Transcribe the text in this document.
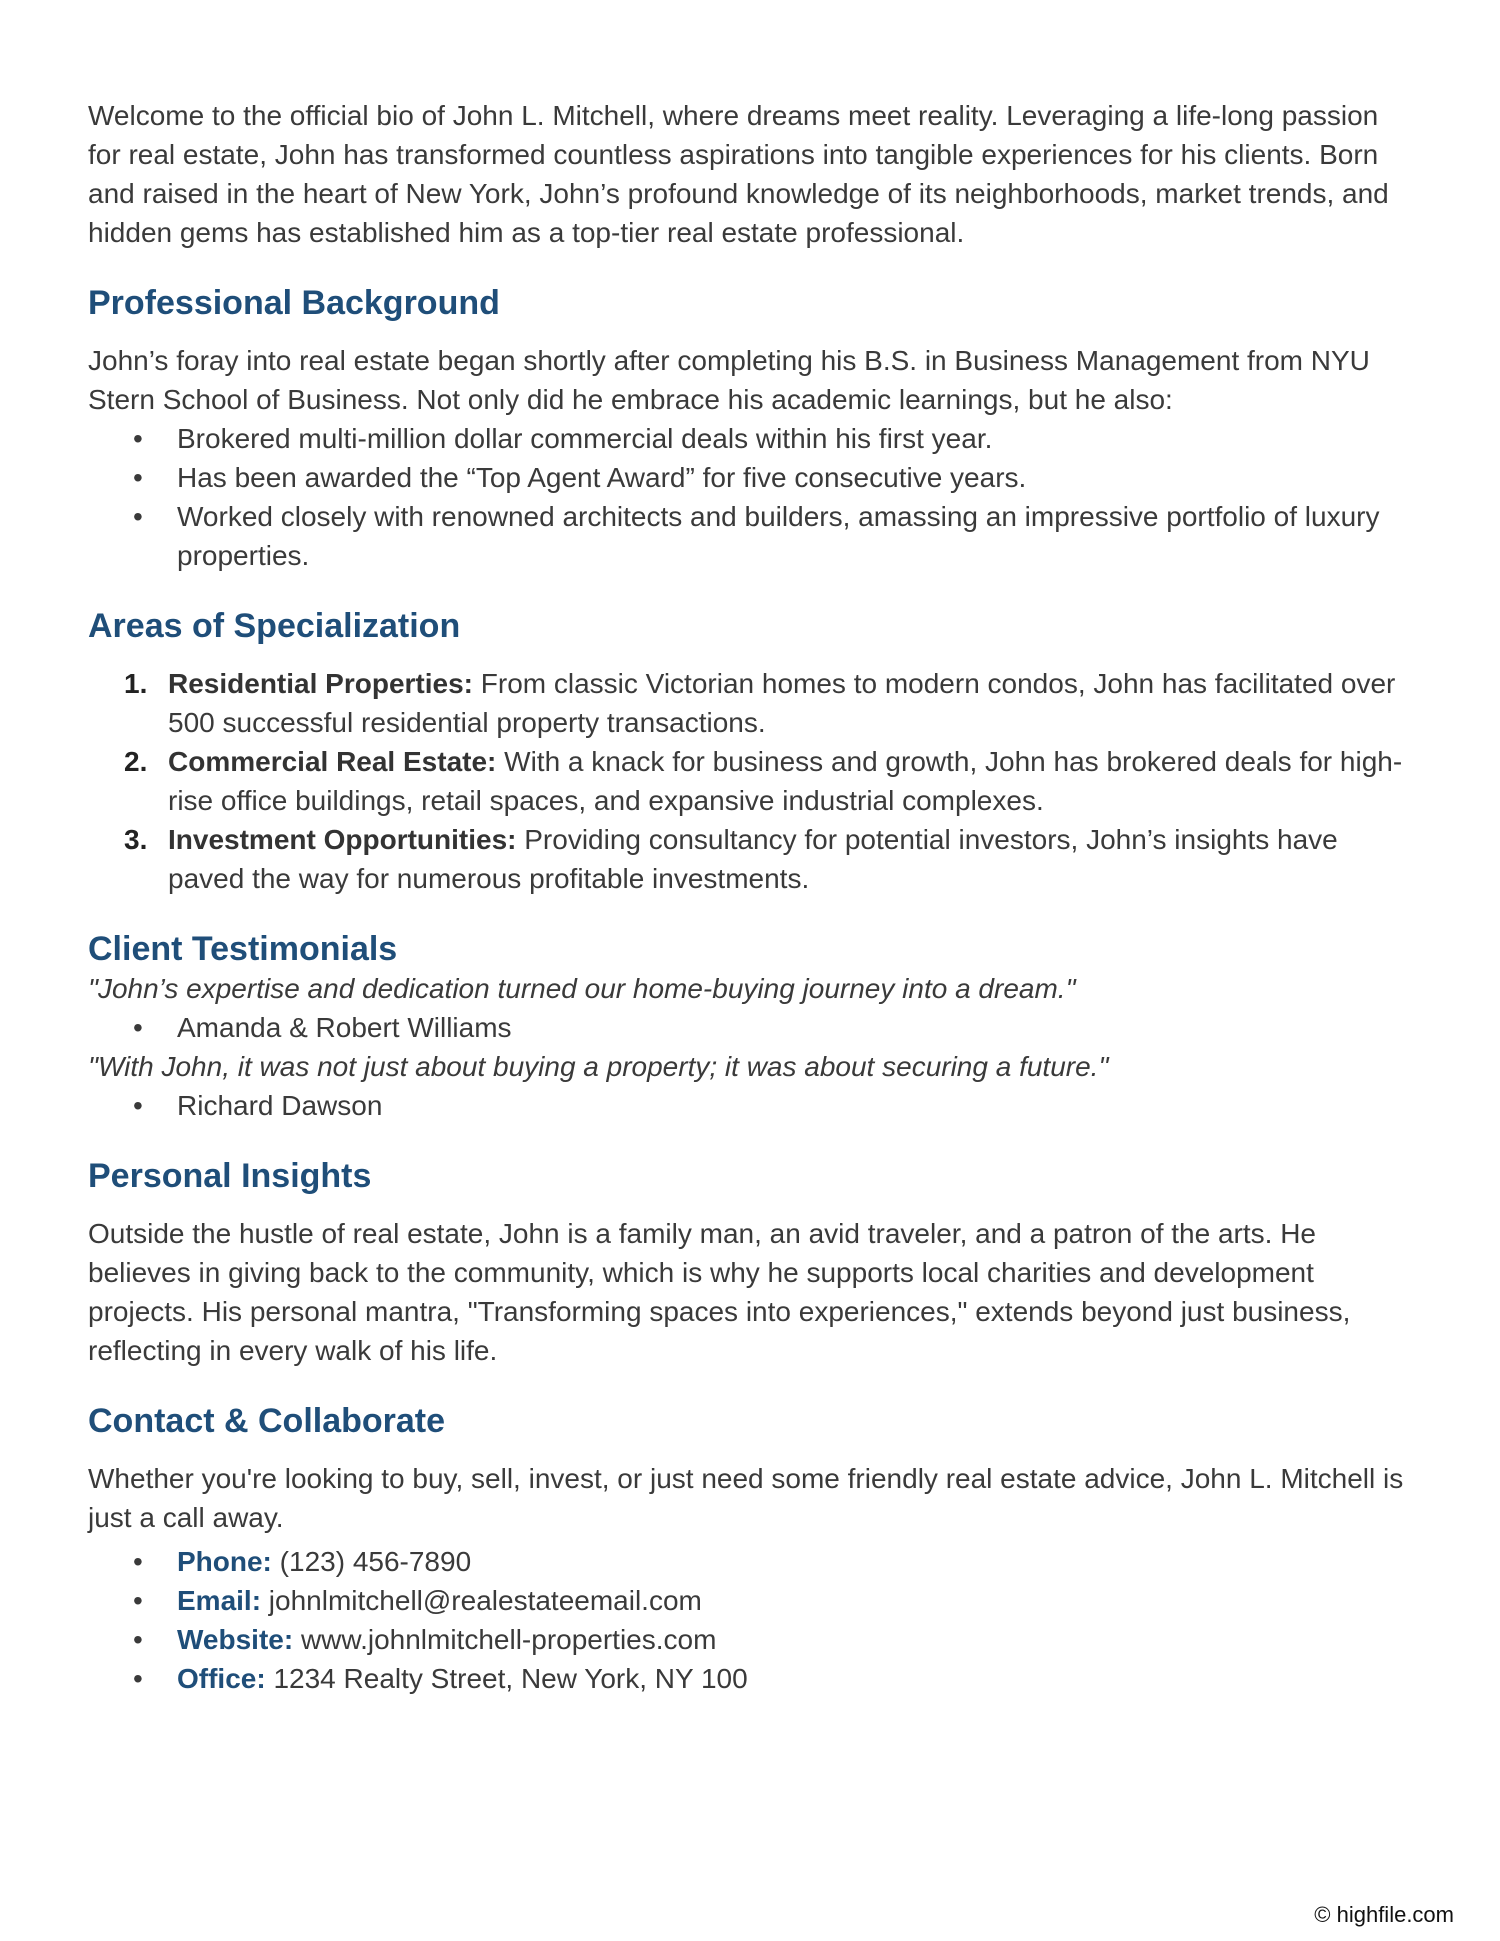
Welcome to the official bio of John L. Mitchell, where dreams meet reality. Leveraging a life-long passion for real estate, John has transformed countless aspirations into tangible experiences for his clients. Born and raised in the heart of New York, John’s profound knowledge of its neighborhoods, market trends, and hidden gems has established him as a top-tier real estate professional.

Professional Background

John’s foray into real estate began shortly after completing his B.S. in Business Management from NYU Stern School of Business. Not only did he embrace his academic learnings, but he also:

• Brokered multi-million dollar commercial deals within his first year.
• Has been awarded the “Top Agent Award” for five consecutive years.
• Worked closely with renowned architects and builders, amassing an impressive portfolio of luxury properties.
Areas of Specialization
1. Residential Properties: From classic Victorian homes to modern condos, John has facilitated over 500 successful residential property transactions.
2. Commercial Real Estate: With a knack for business and growth, John has brokered deals for high-rise office buildings, retail spaces, and expansive industrial complexes.
3. Investment Opportunities: Providing consultancy for potential investors, John’s insights have paved the way for numerous profitable investments.
Client Testimonials

"John’s expertise and dedication turned our home-buying journey into a dream."

• Amanda & Robert Williams

"With John, it was not just about buying a property; it was about securing a future."

• Richard Dawson
Personal Insights

Outside the hustle of real estate, John is a family man, an avid traveler, and a patron of the arts. He believes in giving back to the community, which is why he supports local charities and development projects. His personal mantra, "Transforming spaces into experiences," extends beyond just business, reflecting in every walk of his life.

Contact & Collaborate

Whether you're looking to buy, sell, invest, or just need some friendly real estate advice, John L. Mitchell is just a call away.

• Phone: (123) 456-7890
• Email: johnlmitchell@realestateemail.com
• Website: www.johnlmitchell-properties.com
• Office: 1234 Realty Street, New York, NY 100
© highfile.com
